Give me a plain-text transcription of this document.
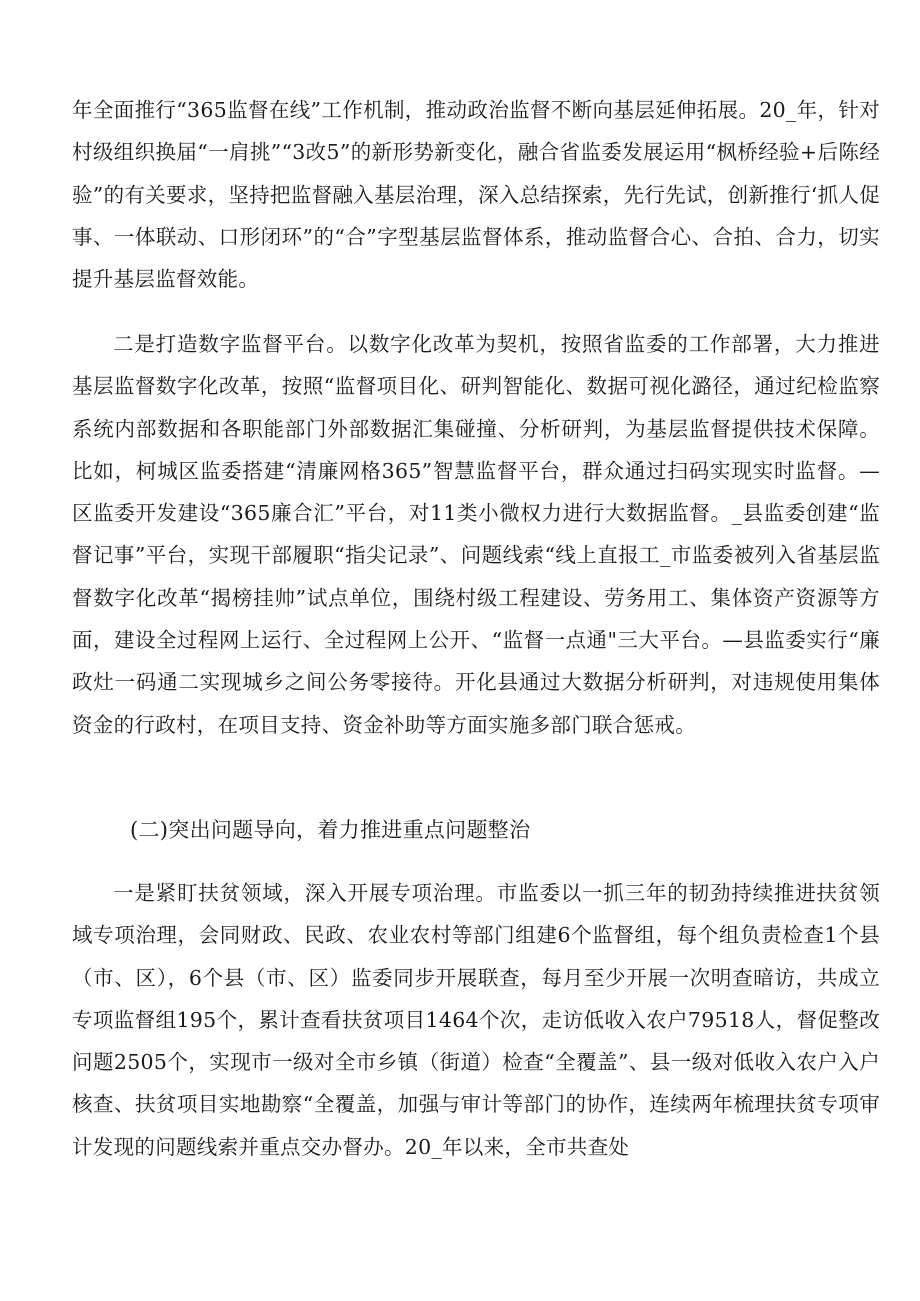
年全面推行“365监督在线”工作机制，推动政治监督不断向基层延伸拓展。20_年，针对村级组织换届“一肩挑”“3改5”的新形势新变化，融合省监委发展运用“枫桥经验+后陈经验”的有关要求，坚持把监督融入基层治理，深入总结探索，先行先试，创新推行‘抓人促事、一体联动、口形闭环”的“合”字型基层监督体系，推动监督合心、合拍、合力，切实提升基层监督效能。

二是打造数字监督平台。以数字化改革为契机，按照省监委的工作部署，大力推进基层监督数字化改革，按照“监督项目化、研判智能化、数据可视化潞径，通过纪检监察系统内部数据和各职能部门外部数据汇集碰撞、分析研判，为基层监督提供技术保障。比如，柯城区监委搭建“清廉网格365”智慧监督平台，群众通过扫码实现实时监督。—区监委开发建设“365廉合汇”平台，对11类小微权力进行大数据监督。_县监委创建“监督记事”平台，实现干部履职“指尖记录”、问题线索“线上直报工_市监委被列入省基层监督数字化改革“揭榜挂帅”试点单位，围绕村级工程建设、劳务用工、集体资产资源等方面，建设全过程网上运行、全过程网上公开、“监督一点通"三大平台。—县监委实行“廉政灶一码通二实现城乡之间公务零接待。开化县通过大数据分析研判，对违规使用集体资金的行政村，在项目支持、资金补助等方面实施多部门联合惩戒。

(二)突出问题导向，着力推进重点问题整治

一是紧盯扶贫领域，深入开展专项治理。市监委以一抓三年的韧劲持续推进扶贫领域专项治理，会同财政、民政、农业农村等部门组建6个监督组，每个组负责检查1个县（市、区），6个县（市、区）监委同步开展联查，每月至少开展一次明查暗访，共成立专项监督组195个，累计查看扶贫项目1464个次，走访低收入农户79518人，督促整改问题2505个，实现市一级对全市乡镇（街道）检查“全覆盖”、县一级对低收入农户入户核查、扶贫项目实地勘察“全覆盖，加强与审计等部门的协作，连续两年梳理扶贫专项审计发现的问题线索并重点交办督办。20_年以来，全市共查处
